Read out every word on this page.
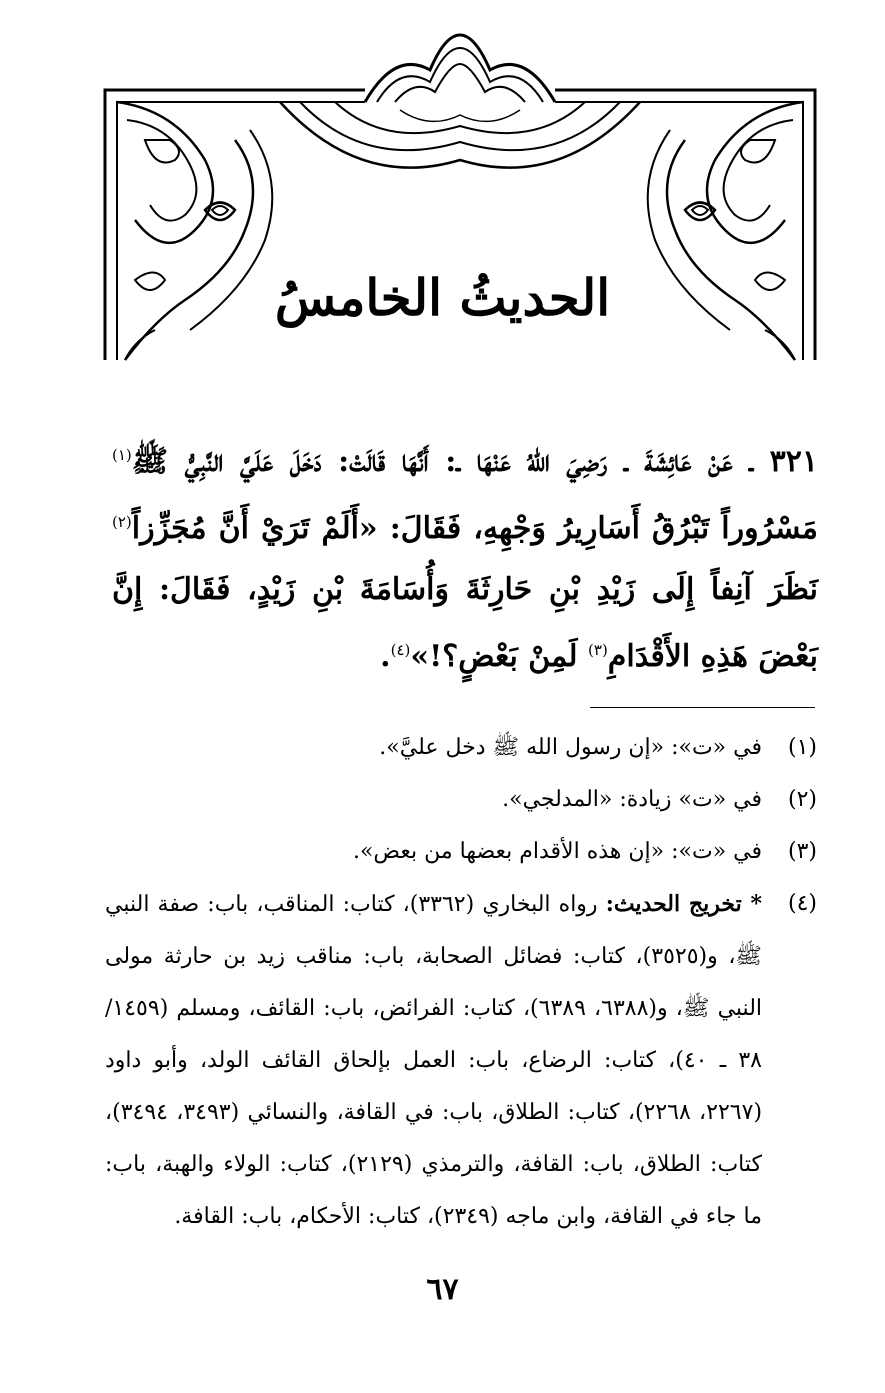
الحديثُ الخامسُ
٣٢١ ـ عَنْ عَائِشَةَ ـ رَضِيَ اللهُ عَنْهَا ـ: أَنَّهَا قَالَتْ: دَخَلَ عَلَيَّ النَّبِيُّ ﷺ$^{(١)}$ مَسْرُوراً تَبْرُقُ أَسَارِيرُ وَجْهِهِ، فَقَالَ: «أَلَمْ تَرَيْ أَنَّ مُجَزِّزاً$^{(٢)}$ نَظَرَ آنِفاً إِلَى زَيْدِ بْنِ حَارِثَةَ وَأُسَامَةَ بْنِ زَيْدٍ، فَقَالَ: إِنَّ بَعْضَ هَذِهِ الأَقْدَامِ$^{(٣)}$ لَمِنْ بَعْضٍ؟!»$^{(٤)}$.
(١)
في «ت»: «إن رسول الله ﷺ دخل عليَّ».
(٢)
في «ت» زيادة: «المدلجي».
(٣)
في «ت»: «إن هذه الأقدام بعضها من بعض».
(٤)
* تخريج الحديث: رواه البخاري (٣٣٦٢)، كتاب: المناقب، باب: صفة النبي ﷺ، و(٣٥٢٥)، كتاب: فضائل الصحابة، باب: مناقب زيد بن حارثة مولى النبي ﷺ، و(٦٣٨٨، ٦٣٨٩)، كتاب: الفرائض، باب: القائف، ومسلم (١٤٥٩/ ٣٨ ـ ٤٠)، كتاب: الرضاع، باب: العمل بإلحاق القائف الولد، وأبو داود (٢٢٦٧، ٢٢٦٨)، كتاب: الطلاق، باب: في القافة، والنسائي (٣٤٩٣، ٣٤٩٤)، كتاب: الطلاق، باب: القافة، والترمذي (٢١٢٩)، كتاب: الولاء والهبة، باب: ما جاء في القافة، وابن ماجه (٢٣٤٩)، كتاب: الأحكام، باب: القافة.
٦٧
